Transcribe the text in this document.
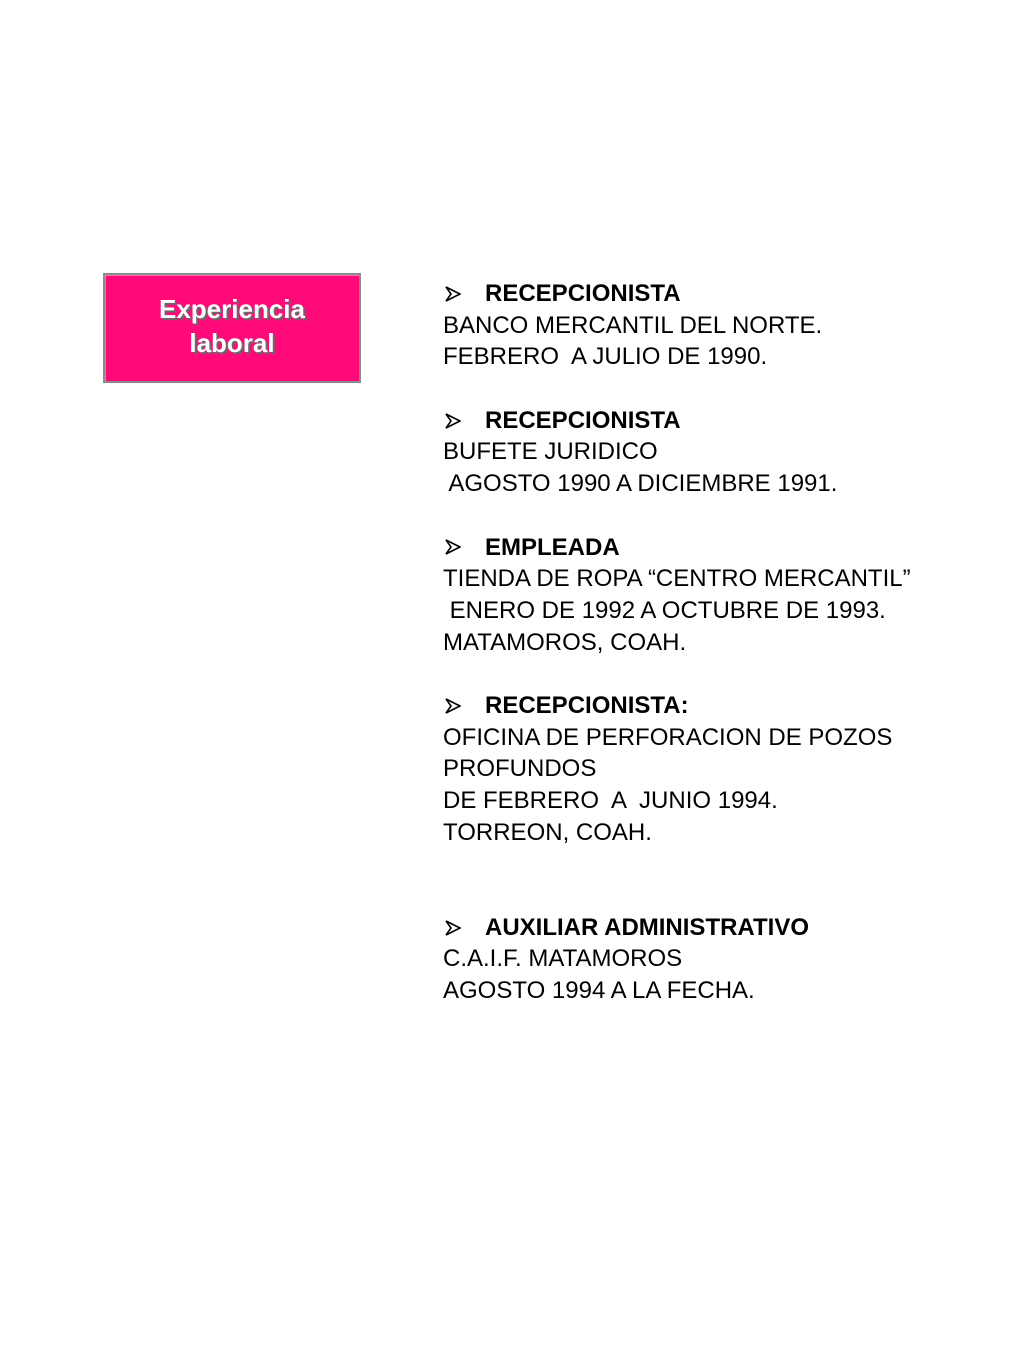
Experiencia
laboral
RECEPCIONISTA
BANCO MERCANTIL DEL NORTE.
FEBRERO  A JULIO DE 1990.
RECEPCIONISTA
BUFETE JURIDICO
AGOSTO 1990 A DICIEMBRE 1991.
EMPLEADA
TIENDA DE ROPA “CENTRO MERCANTIL”
ENERO DE 1992 A OCTUBRE DE 1993.
MATAMOROS, COAH.
RECEPCIONISTA:
OFICINA DE PERFORACION DE POZOS
PROFUNDOS
DE FEBRERO  A  JUNIO 1994.
TORREON, COAH.
AUXILIAR ADMINISTRATIVO
C.A.I.F. MATAMOROS
AGOSTO 1994 A LA FECHA.
